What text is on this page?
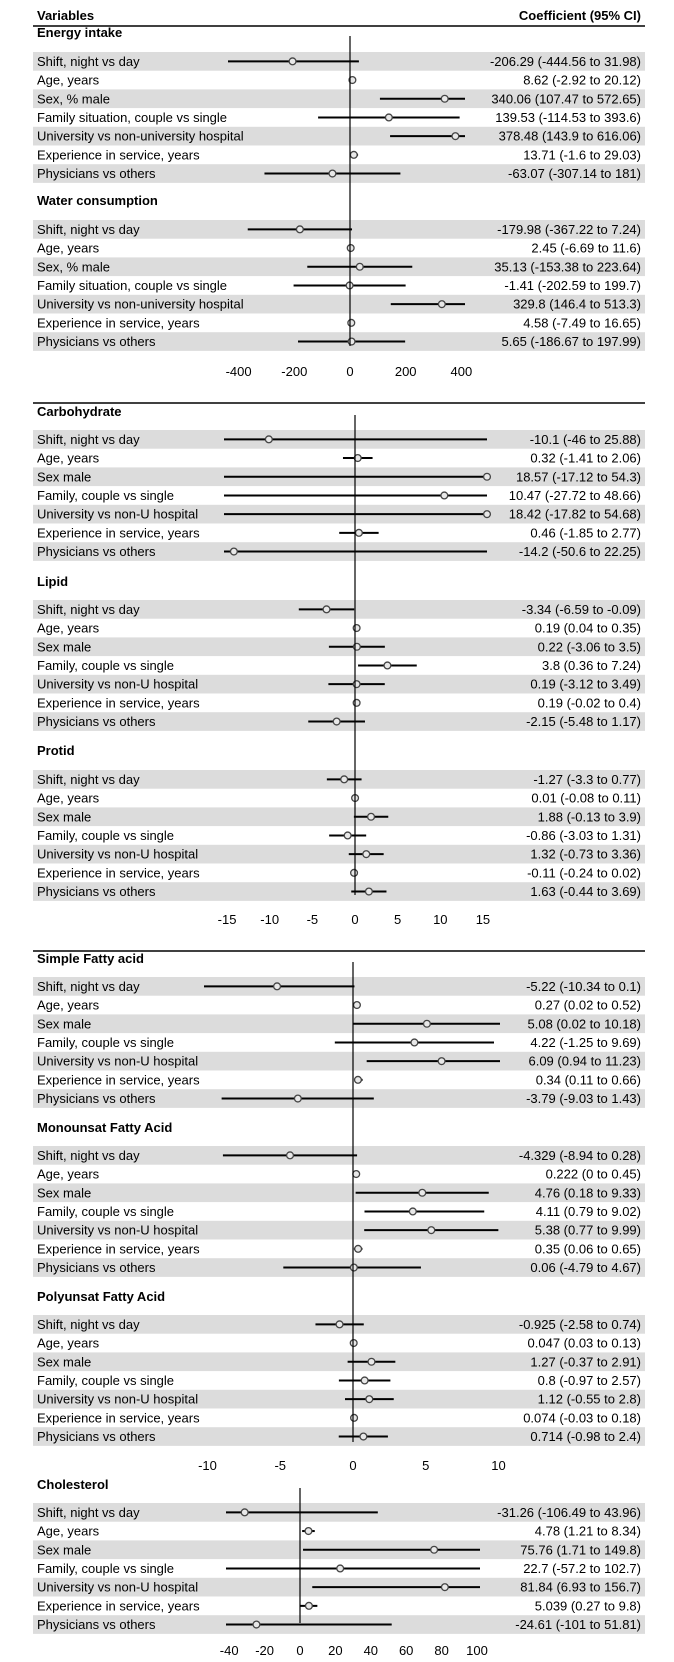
Variables	Coefficient (95% CI)
Energy intake
Shift, night vs day	-206.29 (-444.56 to 31.98)
Age, years	8.62 (-2.92 to 20.12)
Sex, % male	340.06 (107.47 to 572.65)
Family situation, couple vs single	139.53 (-114.53 to 393.6)
University vs non-university hospital	378.48 (143.9 to 616.06)
Experience in service, years	13.71 (-1.6 to 29.03)
Physicians vs others	-63.07 (-307.14 to 181)
Water consumption
Shift, night vs day	-179.98 (-367.22 to 7.24)
Age, years	2.45 (-6.69 to 11.6)
Sex, % male	35.13 (-153.38 to 223.64)
Family situation, couple vs single	-1.41 (-202.59 to 199.7)
University vs non-university hospital	329.8 (146.4 to 513.3)
Experience in service, years	4.58 (-7.49 to 16.65)
Physicians vs others	5.65 (-186.67 to 197.99)
-400 -200	0	200	400
Carbohydrate
Shift, night vs day	-10.1 (-46 to 25.88)
Age, years	0.32 (-1.41 to 2.06)
Sex male	18.57 (-17.12 to 54.3)
Family, couple vs single	10.47 (-27.72 to 48.66)
University vs non-U hospital	18.42 (-17.82 to 54.68)
Experience in service, years	0.46 (-1.85 to 2.77)
Physicians vs others	-14.2 (-50.6 to 22.25)
Lipid
Shift, night vs day	-3.34 (-6.59 to -0.09)
Age, years	0.19 (0.04 to 0.35)
Sex male	0.22 (-3.06 to 3.5)
Family, couple vs single	3.8 (0.36 to 7.24)
University vs non-U hospital	0.19 (-3.12 to 3.49)
Experience in service, years	0.19 (-0.02 to 0.4)
Physicians vs others	-2.15 (-5.48 to 1.17)
Protid
Shift, night vs day	-1.27 (-3.3 to 0.77)
Age, years	0.01 (-0.08 to 0.11)
Sex male	1.88 (-0.13 to 3.9)
Family, couple vs single	-0.86 (-3.03 to 1.31)
University vs non-U hospital	1.32 (-0.73 to 3.36)
Experience in service, years	-0.11 (-0.24 to 0.02)
Physicians vs others	1.63 (-0.44 to 3.69)
-15 -10 -5	0	5 10 15
Simple Fatty acid
Shift, night vs day	-5.22 (-10.34 to 0.1)
Age, years	0.27 (0.02 to 0.52)
Sex male	5.08 (0.02 to 10.18)
Family, couple vs single	4.22 (-1.25 to 9.69)
University vs non-U hospital	6.09 (0.94 to 11.23)
Experience in service, years	0.34 (0.11 to 0.66)
Physicians vs others	-3.79 (-9.03 to 1.43)
Monounsat Fatty Acid
Shift, night vs day	-4.329 (-8.94 to 0.28)
Age, years	0.222 (0 to 0.45)
Sex male	4.76 (0.18 to 9.33)
Family, couple vs single	4.11 (0.79 to 9.02)
University vs non-U hospital	5.38 (0.77 to 9.99)
Experience in service, years	0.35 (0.06 to 0.65)
Physicians vs others	0.06 (-4.79 to 4.67)
Polyunsat Fatty Acid
Shift, night vs day	-0.925 (-2.58 to 0.74)
Age, years	0.047 (0.03 to 0.13)
Sex male	1.27 (-0.37 to 2.91)
Family, couple vs single	0.8 (-0.97 to 2.57)
University vs non-U hospital	1.12 (-0.55 to 2.8)
Experience in service, years	0.074 (-0.03 to 0.18)
Physicians vs others	0.714 (-0.98 to 2.4)
-10	-5	0	5	10
Cholesterol
Shift, night vs day	-31.26 (-106.49 to 43.96)
Age, years	4.78 (1.21 to 8.34)
Sex male	75.76 (1.71 to 149.8)
Family, couple vs single	22.7 (-57.2 to 102.7)
University vs non-U hospital	81.84 (6.93 to 156.7)
Experience in service, years	5.039 (0.27 to 9.8)
Physicians vs others	-24.61 (-101 to 51.81)
-40 -20 0 20 40 60 80 100
